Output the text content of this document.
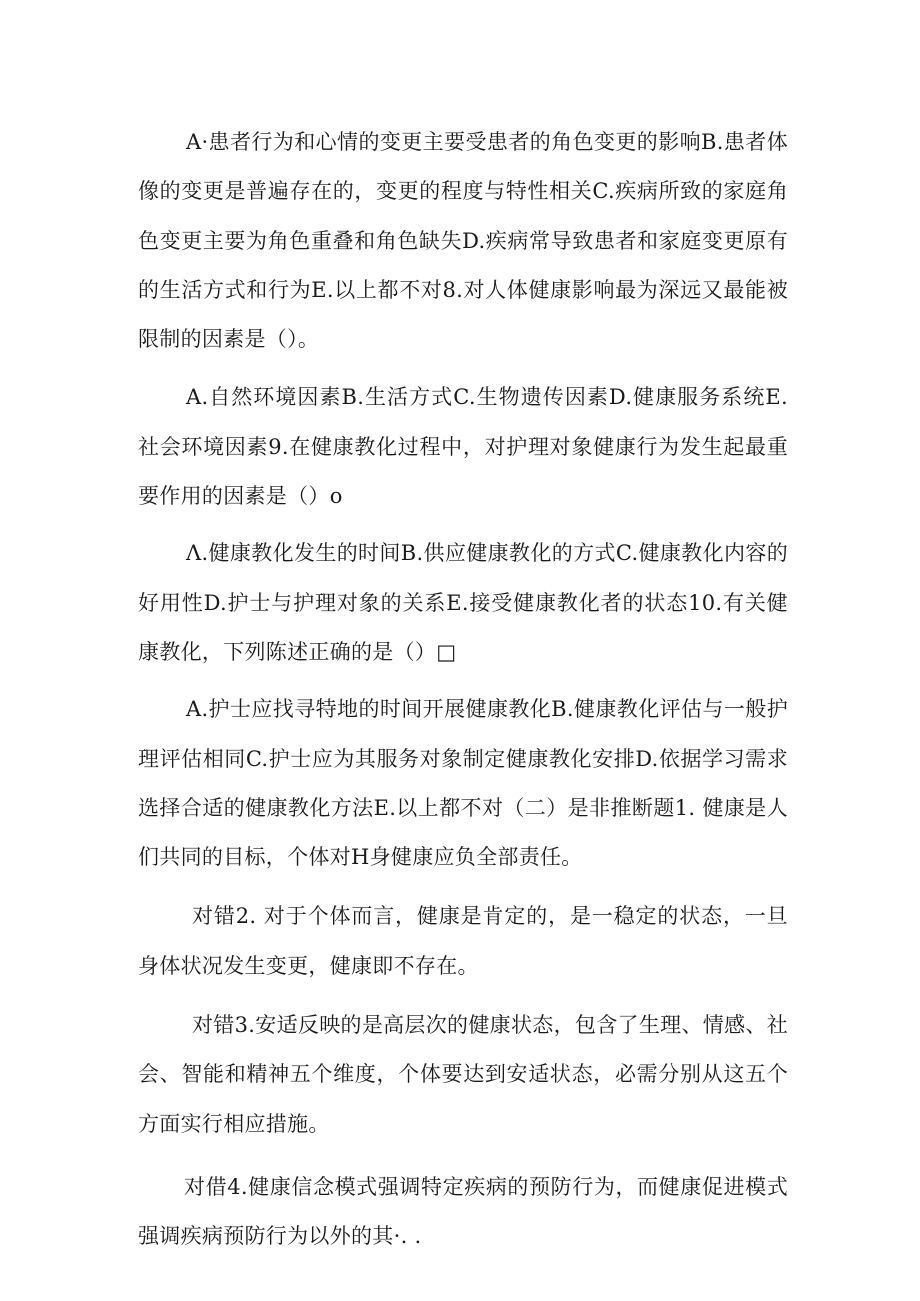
A·患者行为和心情的变更主要受患者的角色变更的影响B.患者体像的变更是普遍存在的，变更的程度与特性相关C.疾病所致的家庭角色变更主要为角色重叠和角色缺失D.疾病常导致患者和家庭变更原有的生活方式和行为E.以上都不对8.对人体健康影响最为深远又最能被限制的因素是（）。

A.自然环境因素B.生活方式C.生物遗传因素D.健康服务系统E.社会环境因素9.在健康教化过程中，对护理对象健康行为发生起最重要作用的因素是（）o

Λ.健康教化发生的时间B.供应健康教化的方式C.健康教化内容的好用性D.护士与护理对象的关系E.接受健康教化者的状态10.有关健康教化，下列陈述正确的是（）□

A.护士应找寻特地的时间开展健康教化B.健康教化评估与一般护理评估相同C.护士应为其服务对象制定健康教化安排D.依据学习需求选择合适的健康教化方法E.以上都不对（二）是非推断题1. 健康是人们共同的目标，个体对H身健康应负全部责任。

对错2. 对于个体而言，健康是肯定的，是一稳定的状态，一旦身体状况发生变更，健康即不存在。

对错3.安适反映的是高层次的健康状态，包含了生理、情感、社会、智能和精神五个维度，个体要达到安适状态，必需分别从这五个方面实行相应措施。

对借4.健康信念模式强调特定疾病的预防行为，而健康促进模式强调疾病预防行为以外的其·. .
